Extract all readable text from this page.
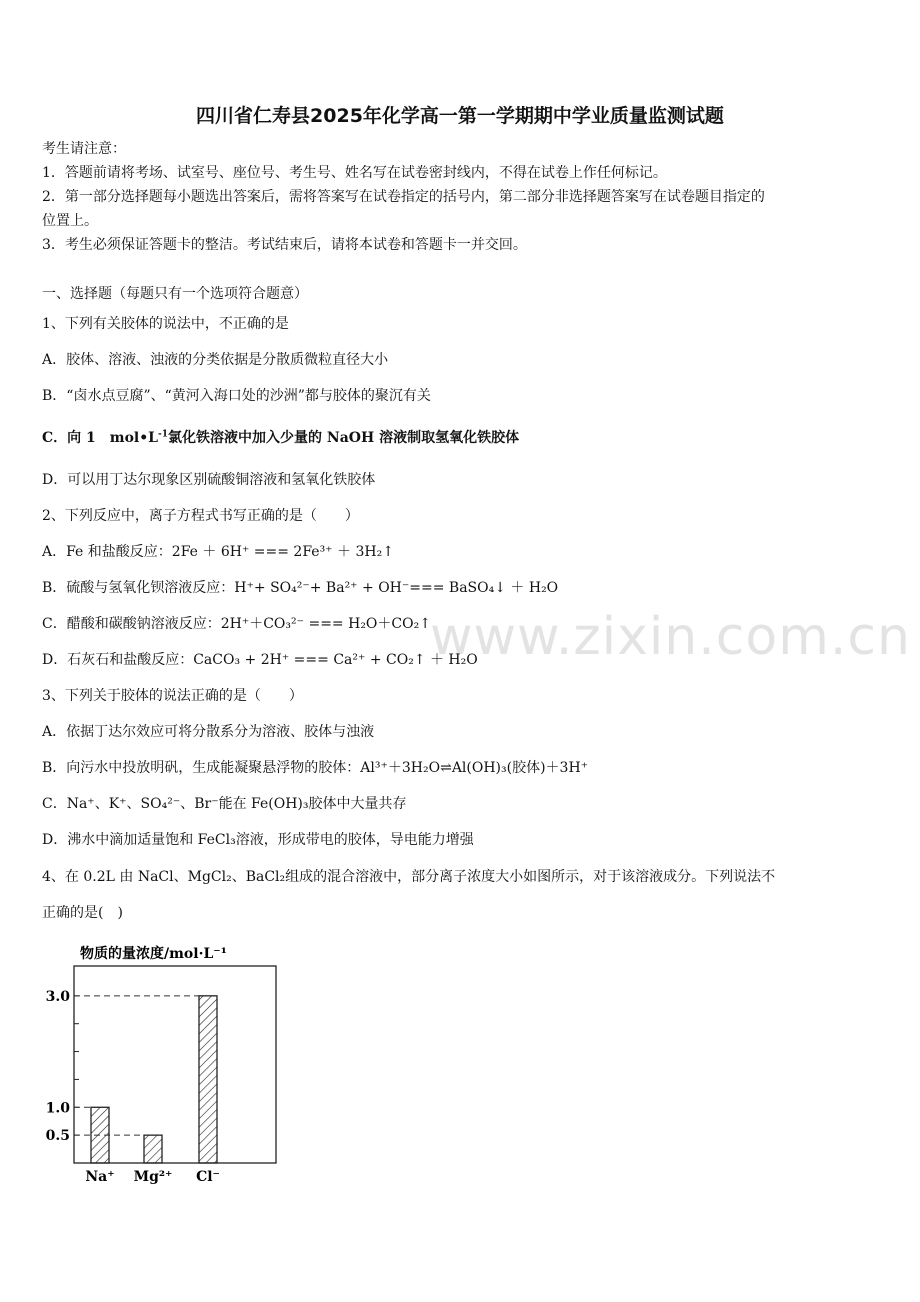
www.zixin.com.cn
四川省仁寿县2025年化学高一第一学期期中学业质量监测试题
考生请注意：
1．答题前请将考场、试室号、座位号、考生号、姓名写在试卷密封线内，不得在试卷上作任何标记。
2．第一部分选择题每小题选出答案后，需将答案写在试卷指定的括号内，第二部分非选择题答案写在试卷题目指定的
位置上。
3．考生必须保证答题卡的整洁。考试结束后，请将本试卷和答题卡一并交回。
一、选择题（每题只有一个选项符合题意）
1、下列有关胶体的说法中，不正确的是
A．胶体、溶液、浊液的分类依据是分散质微粒直径大小
B．“卤水点豆腐”、“黄河入海口处的沙洲”都与胶体的聚沉有关
C．向 1　$mol•L^{-1}$氯化铁溶液中加入少量的 NaOH 溶液制取氢氧化铁胶体
D．可以用丁达尔现象区别硫酸铜溶液和氢氧化铁胶体
2、下列反应中，离子方程式书写正确的是（　　）
A．Fe 和盐酸反应：2Fe ＋ 6H⁺ === 2Fe³⁺ ＋ 3H₂↑
B．硫酸与氢氧化钡溶液反应：H⁺+ SO₄²⁻+ Ba²⁺ + OH⁻=== BaSO₄↓ ＋ H₂O
C．醋酸和碳酸钠溶液反应：2H⁺＋CO₃²⁻ === H₂O＋CO₂↑
D．石灰石和盐酸反应：CaCO₃ + 2H⁺ === Ca²⁺ + CO₂↑ ＋ H₂O
3、下列关于胶体的说法正确的是（　　）
A．依据丁达尔效应可将分散系分为溶液、胶体与浊液
B．向污水中投放明矾，生成能凝聚悬浮物的胶体：Al³⁺＋3H₂O⇌Al(OH)₃(胶体)＋3H⁺
C．Na⁺、K⁺、SO₄²⁻、Br⁻能在 Fe(OH)₃胶体中大量共存
D．沸水中滴加适量饱和 FeCl₃溶液，形成带电的胶体，导电能力增强
4、在 0.2L 由 NaCl、MgCl₂、BaCl₂组成的混合溶液中，部分离子浓度大小如图所示，对于该溶液成分。下列说法不
正确的是(　)
物质的量浓度/mol·L⁻¹
3.0
1.0
0.5
Na⁺ Mg²⁺ Cl⁻
